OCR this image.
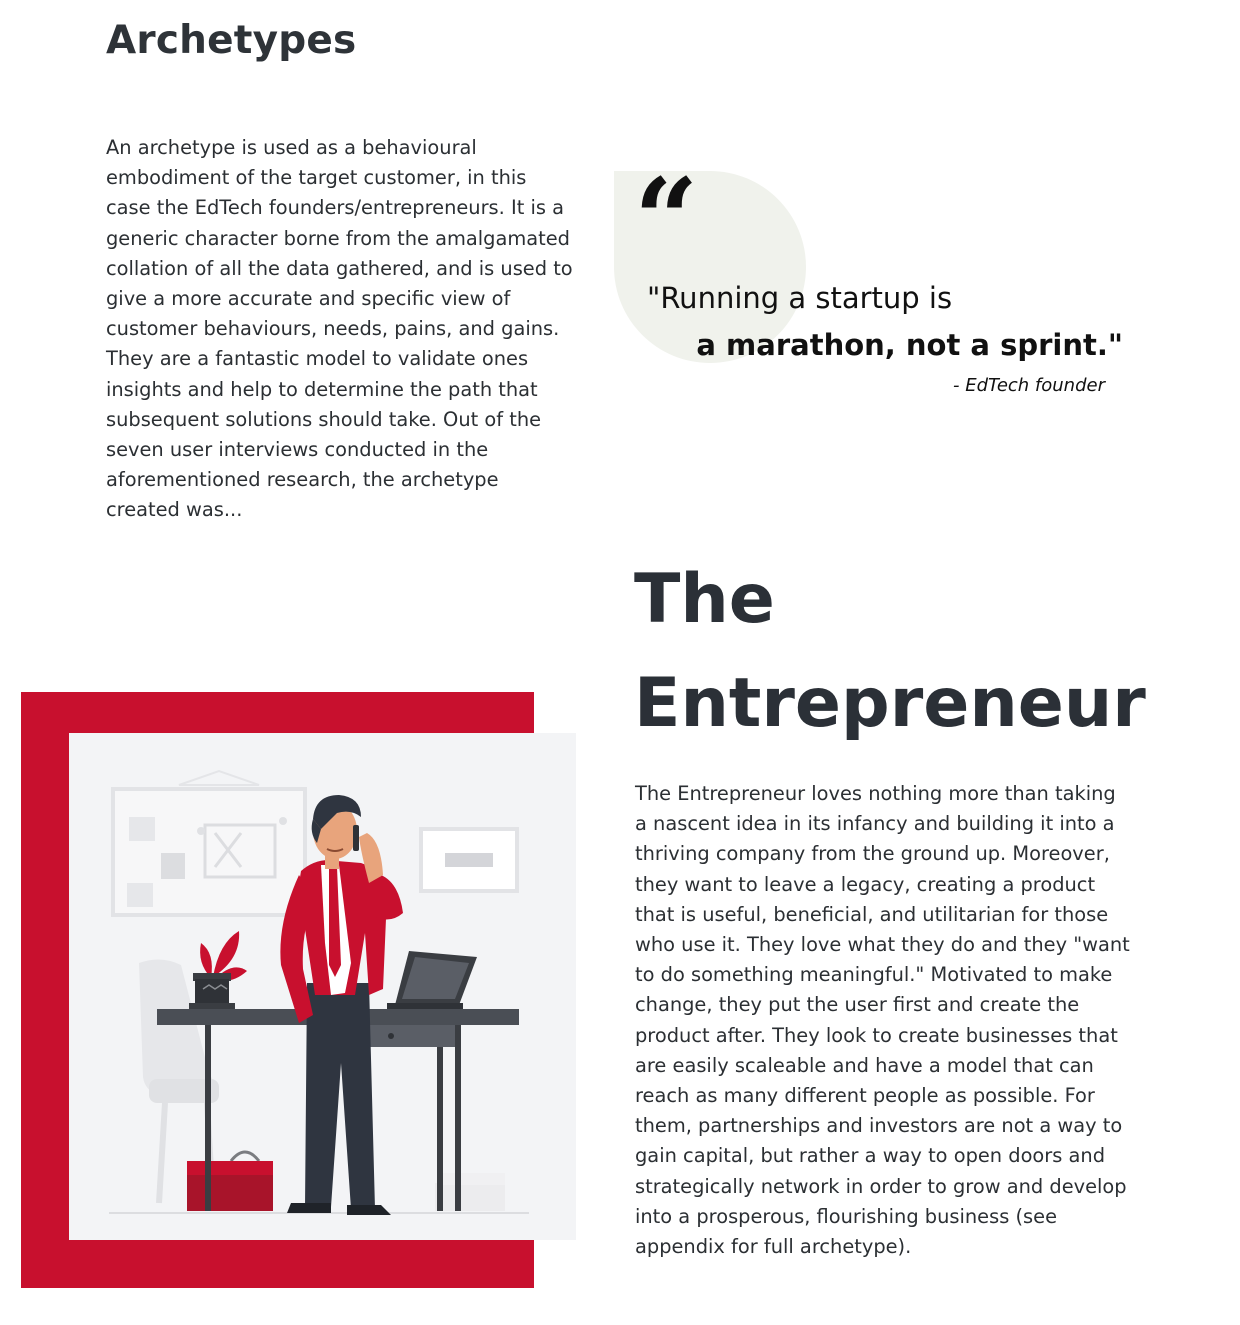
Archetypes

An archetype is used as a behavioural embodiment of the target customer, in this case the EdTech founders/entrepreneurs. It is a generic character borne from the amalgamated collation of all the data gathered, and is used to give a more accurate and specific view of customer behaviours, needs, pains, and gains. They are a fantastic model to validate ones insights and help to determine the path that subsequent solutions should take. Out of the seven user interviews conducted in the aforementioned research, the archetype created was...

“
"Running a startup is
a marathon, not a sprint."
- EdTech founder
The
Entrepreneur

The Entrepreneur loves nothing more than taking a nascent idea in its infancy and building it into a thriving company from the ground up. Moreover, they want to leave a legacy, creating a product that is useful, beneficial, and utilitarian for those who use it. They love what they do and they "want to do something meaningful." Motivated to make change, they put the user first and create the product after. They look to create businesses that are easily scaleable and have a model that can reach as many different people as possible. For them, partnerships and investors are not a way to gain capital, but rather a way to open doors and strategically network in order to grow and develop into a prosperous, flourishing business (see appendix for full archetype).
